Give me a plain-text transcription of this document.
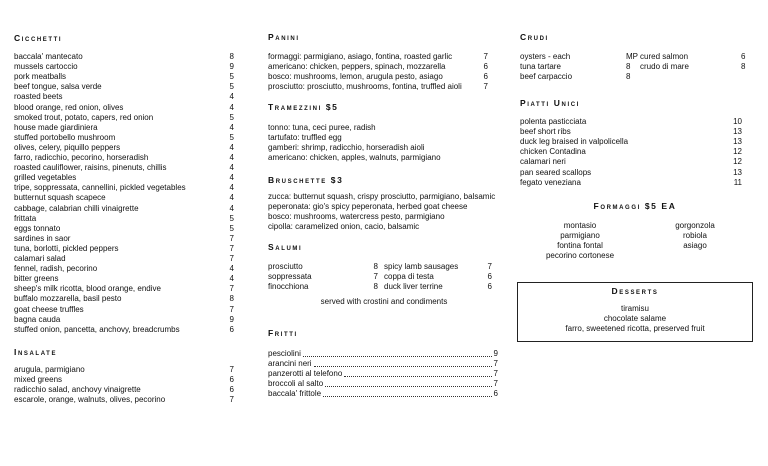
Cicchetti
Insalate
Panini
Tramezzini $5
Bruschette $3
Salumi
served with crostini and condiments
Fritti
Crudi
Piatti Unici
Formaggi $5 EA
Desserts
tiramisu
chocolate salame
farro, sweetened ricotta, preserved fruit
baccala' mantecato	8
mussels cartoccio	9
pork meatballs	5
beef tongue, salsa verde	5
roasted beets	4
blood orange, red onion, olives	4
smoked trout, potato, capers, red onion	5
house made giardiniera	4
stuffed portobello mushroom	5
olives, celery, piquillo peppers	4
farro, radicchio, pecorino, horseradish	4
roasted cauliflower, raisins, pinenuts, chillis	4
grilled vegetables	4
tripe, soppressata, cannellini, pickled vegetables	4
butternut squash scapece	4
cabbage, calabrian chilli vinaigrette	4
frittata	5
eggs tonnato	5
sardines in saor	7
tuna, borlotti, pickled peppers	7
calamari salad	7
fennel, radish, pecorino	4
bitter greens	4
sheep's milk ricotta, blood orange, endive	7
buffalo mozzarella, basil pesto	8
goat cheese truffles	7
bagna cauda	9
stuffed onion, pancetta, anchovy, breadcrumbs	6
arugula, parmigiano	7
mixed greens	6
radicchio salad, anchovy vinaigrette	6
escarole, orange, walnuts, olives, pecorino	7
formaggi: parmigiano, asiago, fontina, roasted garlic	7
americano: chicken, peppers, spinach, mozzarella	6
bosco: mushrooms, lemon, arugula pesto, asiago	6
prosciutto: prosciutto, mushrooms, fontina, truffled aioli	7
tonno: tuna, ceci puree, radish
tartufato: truffled egg
gamberi: shrimp, radicchio, horseradish aioli
americano: chicken, apples, walnuts, parmigiano
zucca: butternut squash, crispy prosciutto, parmigiano, balsamic
peperonata: gio's spicy peperonata, herbed goat cheese
bosco: mushrooms, watercress pesto, parmigiano
cipolla: caramelized onion, cacio, balsamic
prosciutto	8
soppressata	7
finocchiona	8
spicy lamb sausages	7
coppa di testa	6
duck liver terrine	6
pesciolini	9
arancini neri	7
panzerotti al telefono	7
broccoli al salto	7
baccala' frittole	6
oysters - each	MP cured salmon	6
tuna tartare	8 crudo di mare	8
beef carpaccio	8
polenta pasticciata	10
beef short ribs	13
duck leg braised in valpolicella	13
chicken Contadina	12
calamari neri	12
pan seared scallops	13
fegato veneziana	11
montasio
parmigiano
fontina fontal
pecorino cortonese
gorgonzola
robiola
asiago
